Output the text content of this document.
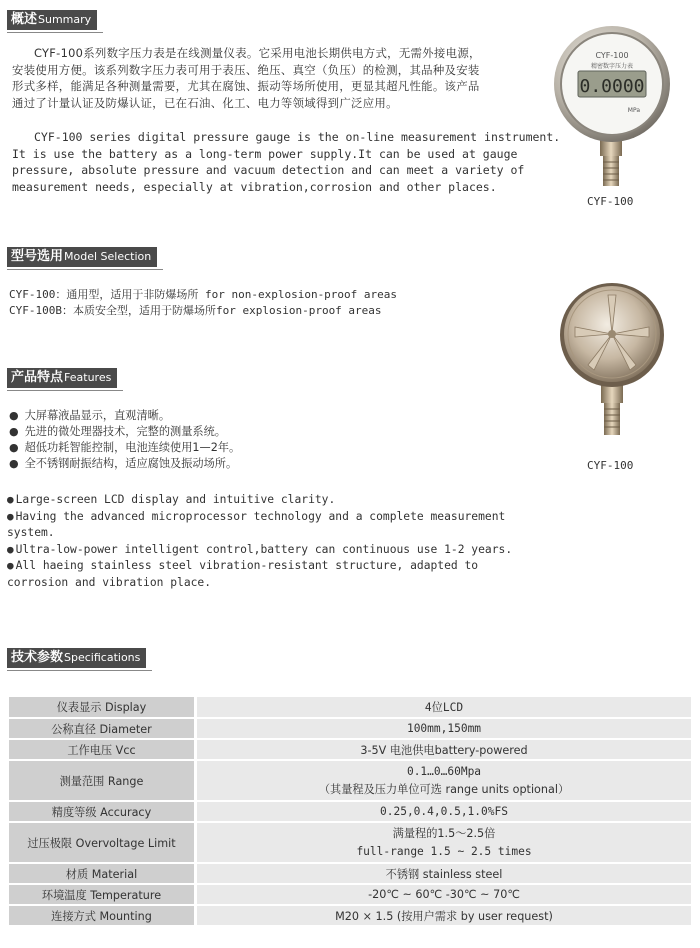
概述 Summary
CYF-100系列数字压力表是在线测量仪表。它采用电池长期供电方式，无需外接电源，
安装使用方便。该系列数字压力表可用于表压、绝压、真空（负压）的检测，其品种及安装
形式多样，能满足各种测量需要，尤其在腐蚀、振动等场所使用，更显其超凡性能。该产品
通过了计量认证及防爆认证，已在石油、化工、电力等领域得到广泛应用。
CYF-100 series digital pressure gauge is the on-line measurement instrument.
It is use the battery as a long-term power supply.It can be used at gauge
pressure, absolute pressure and vacuum detection and can meet a variety of
measurement needs, especially at vibration,corrosion and other places.
CYF-100
精密数字压力表
0.0000
MPa
CYF-100
型号选用 Model Selection
CYF-100：通用型，适用于非防爆场所 for non-explosion-proof areas
CYF-100B：本质安全型，适用于防爆场所for explosion-proof areas
CYF-100
产品特点 Features
● 大屏幕液晶显示，直观清晰。
● 先进的微处理器技术，完整的测量系统。
● 超低功耗智能控制，电池连续使用1—2年。
● 全不锈钢耐振结构，适应腐蚀及振动场所。
● Large-screen LCD display and intuitive clarity.
● Having the advanced microprocessor technology and a complete measurement system.
● Ultra-low-power intelligent control,battery can continuous use 1-2 years.
● All haeing stainless steel vibration-resistant structure, adapted to corrosion and vibration place.
技术参数 Specifications
仪表显示 Display	4位LCD
公称直径 Diameter	100mm,150mm
工作电压 Vcc	3-5V 电池供电battery-powered
测量范围 Range	0.1…0…60Mpa
（其量程及压力单位可选 range units optional）

精度等级 Accuracy	0.25,0.4,0.5,1.0%FS
过压极限 Overvoltage Limit	满量程的1.5～2.5倍
full-range 1.5 ~ 2.5 times

材质 Material	不锈钢 stainless steel
环境温度 Temperature	-20℃ ~ 60℃ -30℃ ~ 70℃
连接方式 Mounting	M20 × 1.5 (按用户需求 by user request)
